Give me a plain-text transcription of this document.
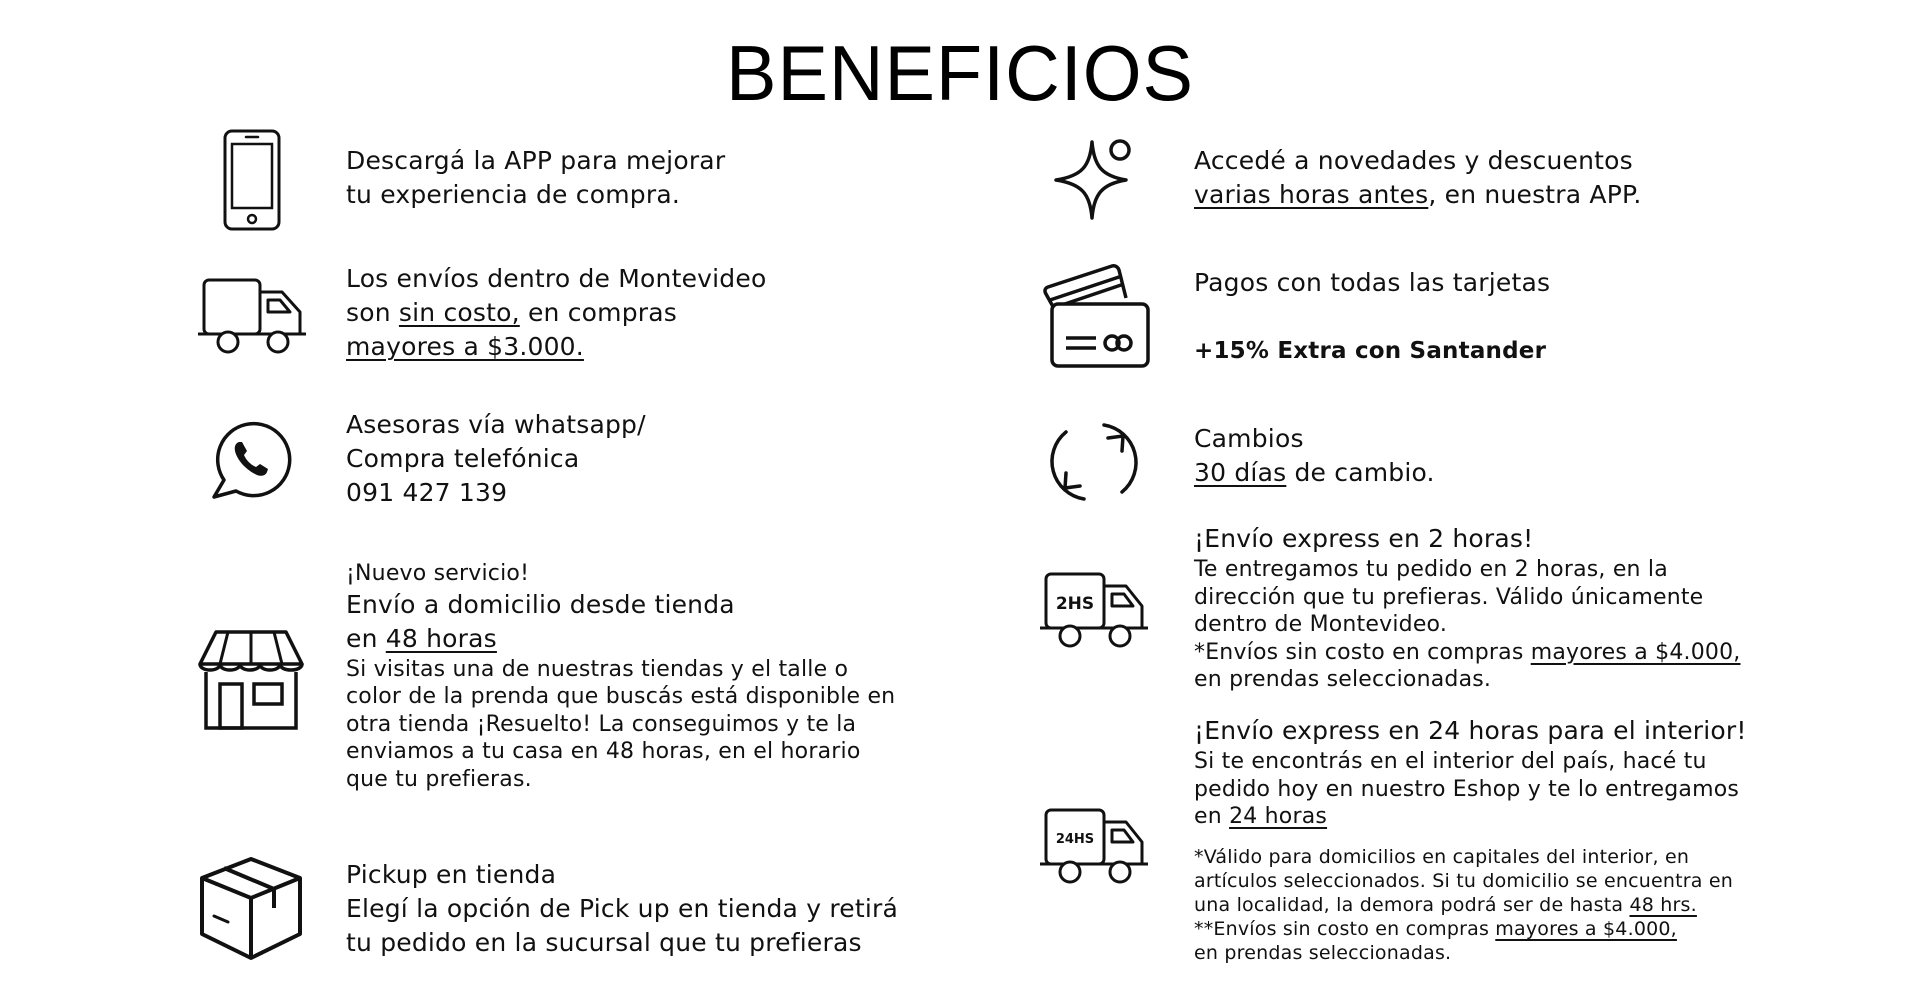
BENEFICIOS
Descargá la APP para mejorar
tu experiencia de compra.
Los envíos dentro de Montevideo
son sin costo, en compras
mayores a $3.000.
Asesoras vía whatsapp/
Compra telefónica
091 427 139
¡Nuevo servicio!
Envío a domicilio desde tienda
en 48 horas
Si visitas una de nuestras tiendas y el talle o
color de la prenda que buscás está disponible en
otra tienda ¡Resuelto! La conseguimos y te la
enviamos a tu casa en 48 horas, en el horario
que tu prefieras.
Pickup en tienda
Elegí la opción de Pick up en tienda y retirá
tu pedido en la sucursal que tu prefieras
Accedé a novedades y descuentos
varias horas antes, en nuestra APP.
Pagos con todas las tarjetas
+15% Extra con Santander
Cambios
30 días de cambio.
2HS
¡Envío express en 2 horas!
Te entregamos tu pedido en 2 horas, en la
dirección que tu prefieras. Válido únicamente
dentro de Montevideo.
*Envíos sin costo en compras mayores a $4.000,
en prendas seleccionadas.
24HS
¡Envío express en 24 horas para el interior!
Si te encontrás en el interior del país, hacé tu
pedido hoy en nuestro Eshop y te lo entregamos
en 24 horas
*Válido para domicilios en capitales del interior, en
artículos seleccionados. Si tu domicilio se encuentra en
una localidad, la demora podrá ser de hasta 48 hrs.
**Envíos sin costo en compras mayores a $4.000,
en prendas seleccionadas.
